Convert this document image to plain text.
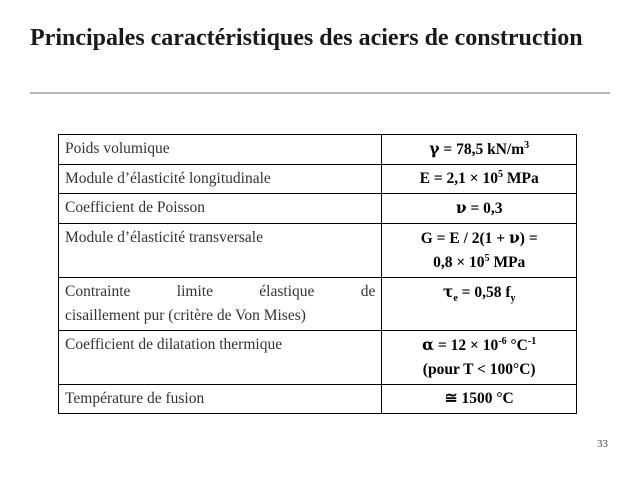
Principales caractéristiques des aciers de construction
Poids volumique	γ = 78,5 $kN/m^3$
Module d’élasticité longitudinale	$E = 2,1 \times 10^5$ MPa
Coefficient de Poisson	ν = 0,3
Module d’élasticité transversale	G = E / 2(1 + ν) =
$0,8 \times 10^5$ MPa

Contrainte limite élastique de
cisaillement pur (critère de Von Mises)	$\tau_e = 0,58$ $f_y$
Coefficient de dilatation thermique	$\alpha = 12 \times 10^{-6}$ $^\circ C^{-1}$
(pour T < 100°C)

Température de fusion	≅ 1500 °C
33
